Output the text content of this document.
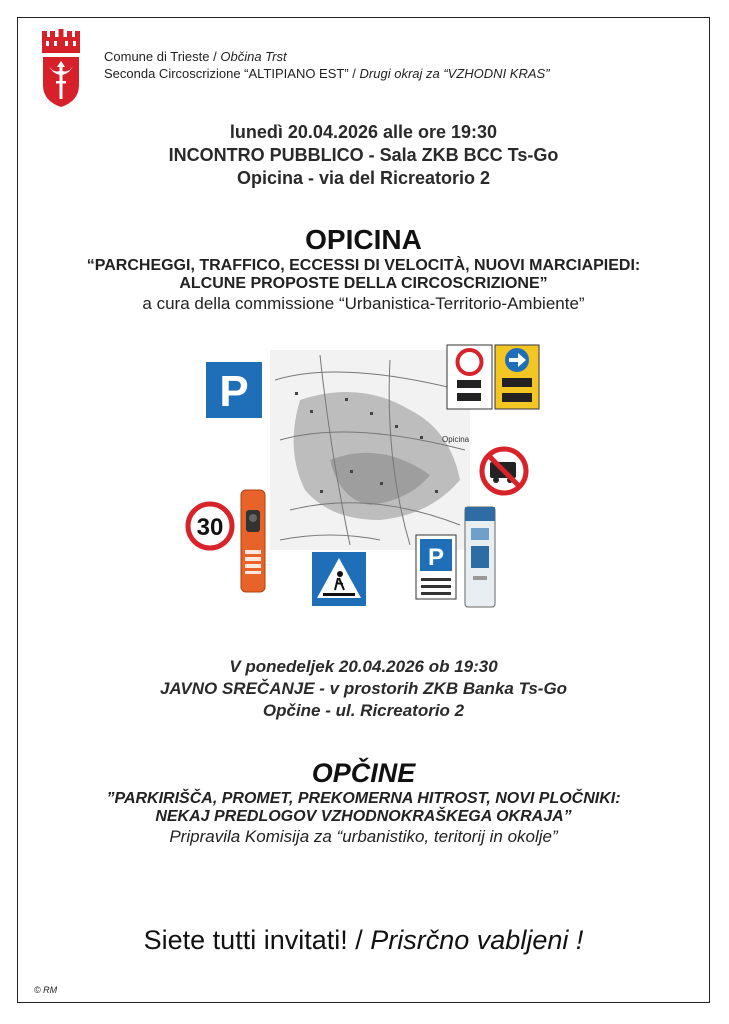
Comune di Trieste / Občina Trst
Seconda Circoscrizione “ALTIPIANO EST” / Drugi okraj za “VZHODNI KRAS”
lunedì 20.04.2026 alle ore 19:30
INCONTRO PUBBLICO - Sala ZKB BCC Ts-Go
Opicina - via del Ricreatorio 2
OPICINA
“PARCHEGGI, TRAFFICO, ECCESSI DI VELOCITÀ, NUOVI MARCIAPIEDI:
ALCUNE PROPOSTE DELLA CIRCOSCRIZIONE”
a cura della commissione “Urbanistica-Territorio-Ambiente”
Opicina
P
30
P
V ponedeljek 20.04.2026 ob 19:30
JAVNO SREČANJE - v prostorih ZKB Banka Ts-Go
Opčine - ul. Ricreatorio 2
OPČINE
”PARKIRIŠČA, PROMET, PREKOMERNA HITROST, NOVI PLOČNIKI:
NEKAJ PREDLOGOV VZHODNOKRAŠKEGA OKRAJA”
Pripravila Komisija za “urbanistiko, teritorij in okolje”
Siete tutti invitati! / Prisrčno vabljeni !
© RM
